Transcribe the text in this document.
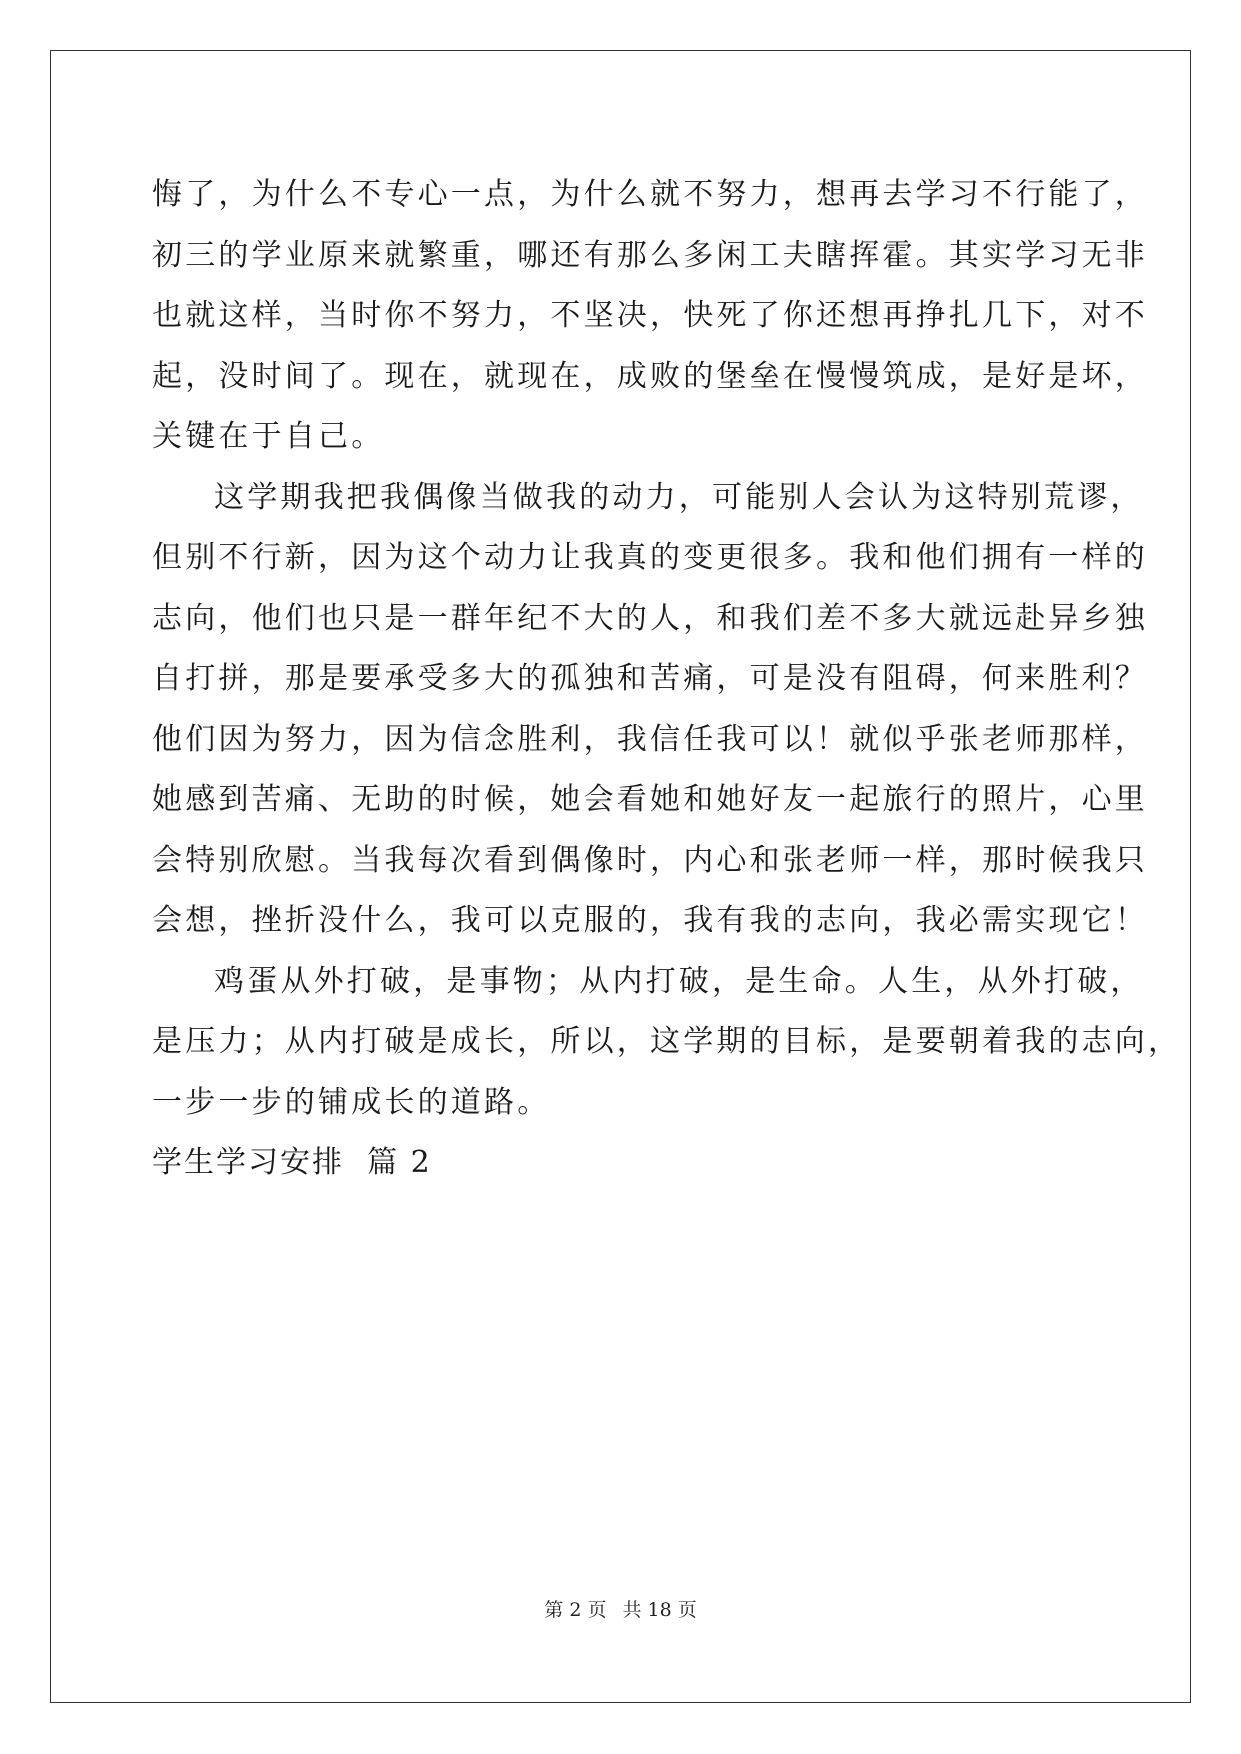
悔了，为什么不专心一点，为什么就不努力，想再去学习不行能了，

初三的学业原来就繁重，哪还有那么多闲工夫瞎挥霍。其实学习无非

也就这样，当时你不努力，不坚决，快死了你还想再挣扎几下，对不

起，没时间了。现在，就现在，成败的堡垒在慢慢筑成，是好是坏，

关键在于自己。

这学期我把我偶像当做我的动力，可能别人会认为这特别荒谬，

但别不行新，因为这个动力让我真的变更很多。我和他们拥有一样的

志向，他们也只是一群年纪不大的人，和我们差不多大就远赴异乡独

自打拼，那是要承受多大的孤独和苦痛，可是没有阻碍，何来胜利？

他们因为努力，因为信念胜利，我信任我可以！就似乎张老师那样，

她感到苦痛、无助的时候，她会看她和她好友一起旅行的照片，心里

会特别欣慰。当我每次看到偶像时，内心和张老师一样，那时候我只

会想，挫折没什么，我可以克服的，我有我的志向，我必需实现它！

鸡蛋从外打破，是事物；从内打破，是生命。人生，从外打破，

是压力；从内打破是成长，所以，这学期的目标，是要朝着我的志向，

一步一步的铺成长的道路。

学生学习安排  篇 2

第 2 页 共 18 页
